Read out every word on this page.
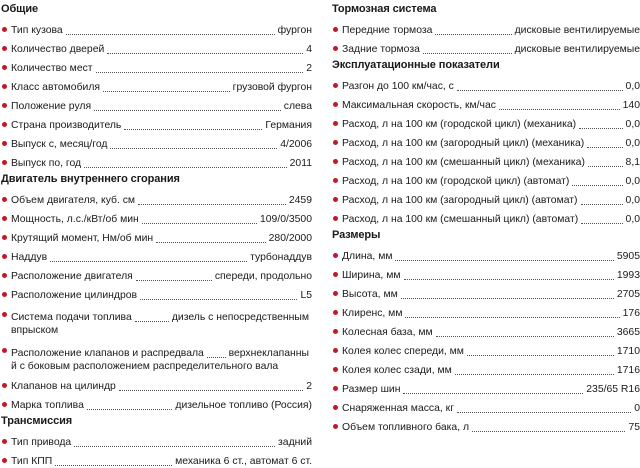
Общие
Тип кузова	фургон
Количество дверей	4
Количество мест	2
Класс автомобиля	грузовой фургон
Положение руля	слева
Страна производитель	Германия
Выпуск с, месяц/год	4/2006
Выпуск по, год	2011
Двигатель внутреннего сгорания
Объем двигателя, куб. см	2459
Мощность, л.с./кВт/об мин	109/0/3500
Крутящий момент, Нм/об мин	280/2000
Наддув	турбонаддув
Расположение двигателя	спереди, продольно
Расположение цилиндров	L5
Система подачи топлива	дизель с непосредственным
впрыском
Расположение клапанов и распредвала верхнеклапанны
й с боковым расположением распределительного вала
Клапанов на цилиндр	2
Марка топлива	дизельное топливо (Россия)
Трансмиссия
Тип привода	задний
Тип КПП	механика 6 ст., автомат 6 ст.
Тормозная система
Передние тормоза	дисковые вентилируемые
Задние тормоза	дисковые вентилируемые
Эксплуатационные показатели
Разгон до 100 км/час, с	0,0
Максимальная скорость, км/час	140
Расход, л на 100 км (городской цикл) (механика)	0,0
Расход, л на 100 км (загородный цикл) (механика)	0,0
Расход, л на 100 км (смешанный цикл) (механика)	8,1
Расход, л на 100 км (городской цикл) (автомат)	0,0
Расход, л на 100 км (загородный цикл) (автомат)	0,0
Расход, л на 100 км (смешанный цикл) (автомат)	0,0
Размеры
Длина, мм	5905
Ширина, мм	1993
Высота, мм	2705
Клиренс, мм	176
Колесная база, мм	3665
Колея колес спереди, мм	1710
Колея колес сзади, мм	1716
Размер шин	235/65 R16
Снаряженная масса, кг	0
Объем топливного бака, л	75
